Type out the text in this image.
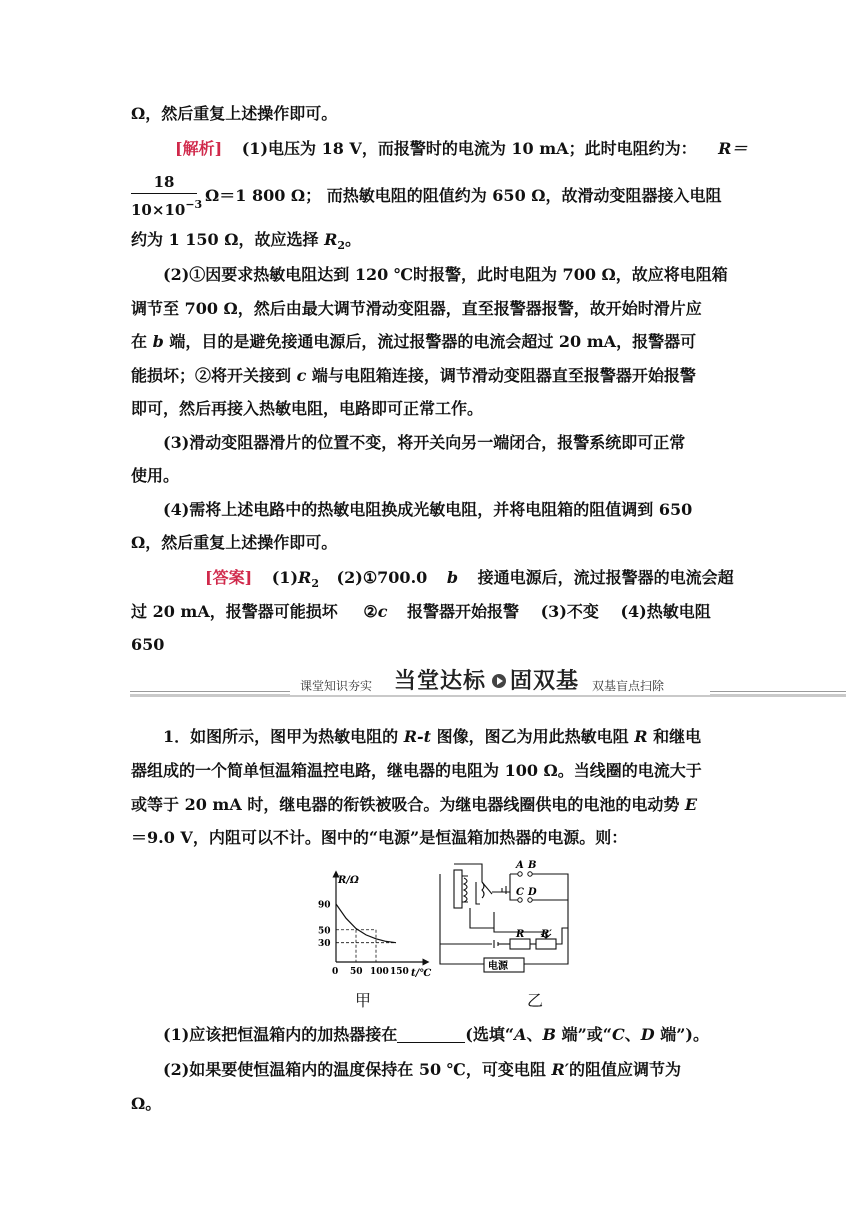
Ω，然后重复上述操作即可。
[解析] (1)电压为 18 V，而报警时的电流为 10 mA；此时电阻约为： R＝
18
$10\times 10^{-3}$ Ω＝1 800 Ω； 而热敏电阻的阻值约为 650 Ω，故滑动变阻器接入电阻
约为 1 150 Ω，故应选择 $R_2$。
(2)①因要求热敏电阻达到 120 ℃时报警，此时电阻为 700 Ω，故应将电阻箱
调节至 700 Ω，然后由最大调节滑动变阻器，直至报警器报警，故开始时滑片应
在 b 端，目的是避免接通电源后，流过报警器的电流会超过 20 mA，报警器可
能损坏；②将开关接到 c 端与电阻箱连接，调节滑动变阻器直至报警器开始报警
即可，然后再接入热敏电阻，电路即可正常工作。
(3)滑动变阻器滑片的位置不变，将开关向另一端闭合，报警系统即可正常
使用。
(4)需将上述电路中的热敏电阻换成光敏电阻，并将电阻箱的阻值调到 650
Ω，然后重复上述操作即可。
[答案] $(1)R_2$ (2)①700.0 b 接通电源后，流过报警器的电流会超
过 20 mA，报警器可能损坏 ②c 报警器开始报警 (3)不变 (4)热敏电阻
650
课堂知识夯实 当堂达标 固双基 双基盲点扫除
1．如图所示，图甲为热敏电阻的 R-t 图像，图乙为用此热敏电阻 R 和继电
器组成的一个简单恒温箱温控电路，继电器的电阻为 100 Ω。当线圈的电流大于
或等于 20 mA 时，继电器的衔铁被吸合。为继电器线圈供电的电池的电动势 E
＝9.0 V，内阻可以不计。图中的“电源”是恒温箱加热器的电源。则：
R/Ω
t/℃
30
50
90
0 50 100 150
甲
A B
C D
R R′
电源
乙
(1)应该把恒温箱内的加热器接在	(选填“A、B 端”或“C、D 端”)。
(2)如果要使恒温箱内的温度保持在 50 ℃，可变电阻 R′的阻值应调节为
Ω。
